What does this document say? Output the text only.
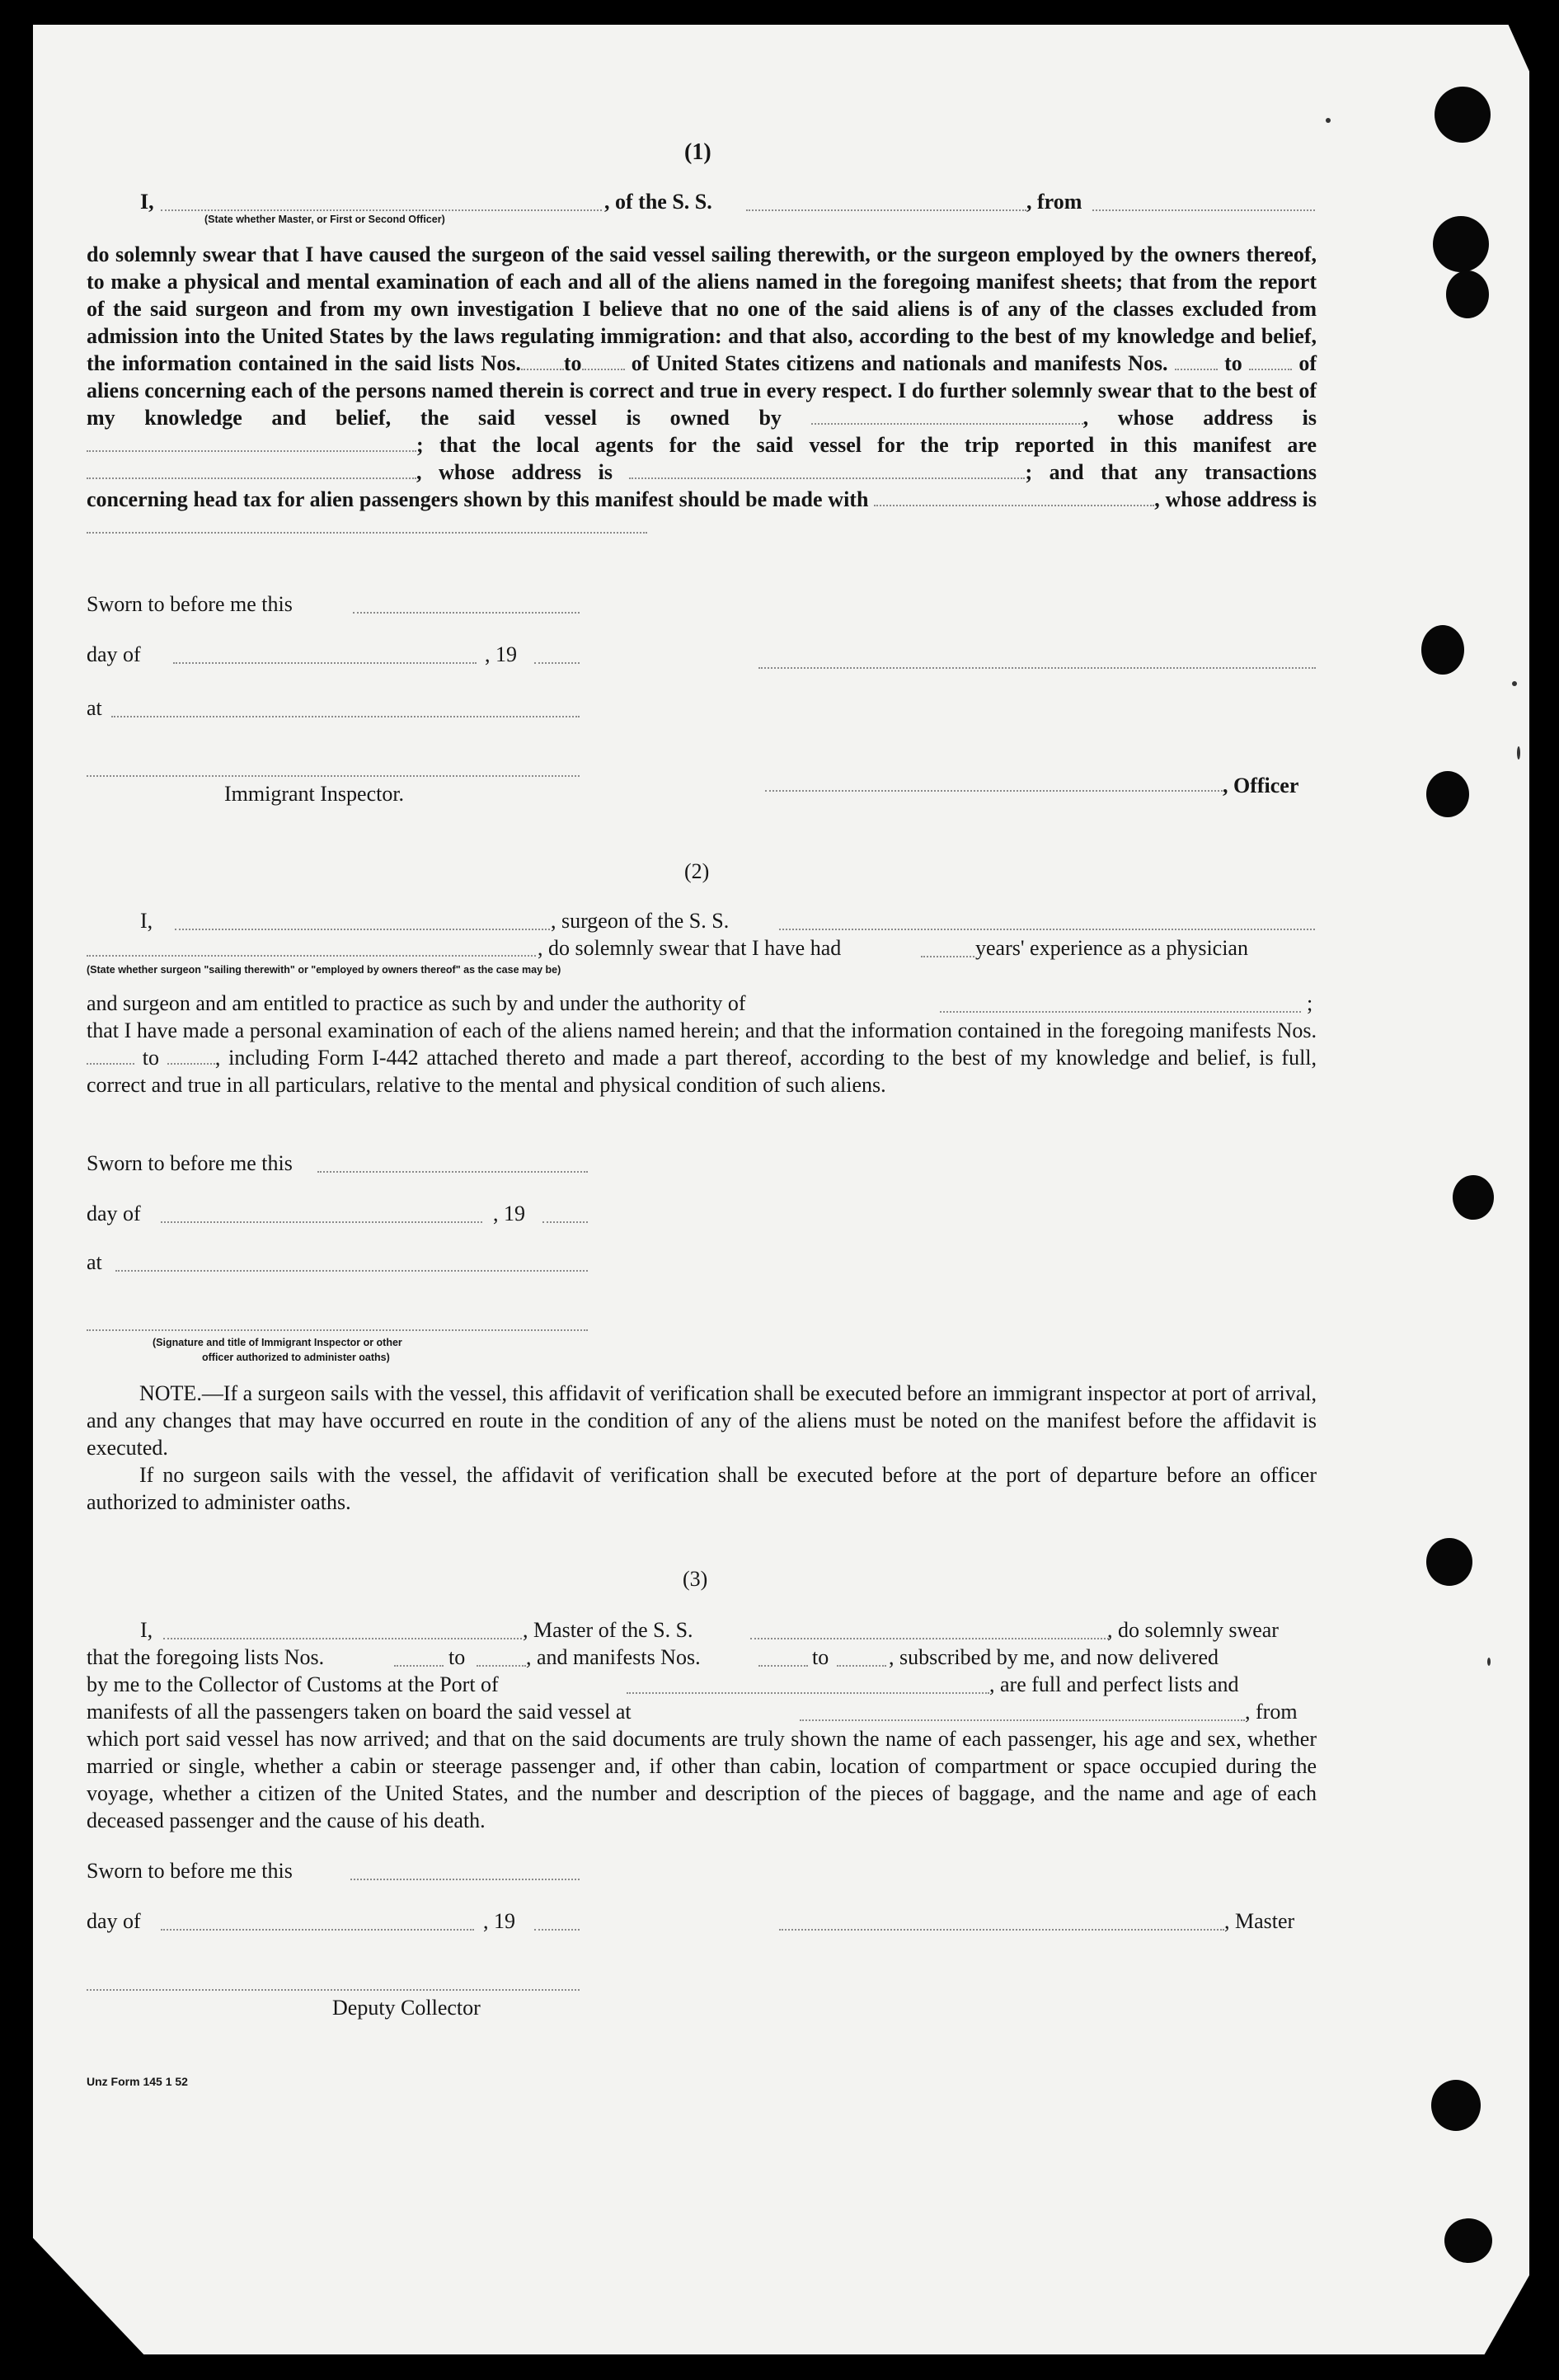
(1)
I,	, of the S. S.	, from
(State whether Master, or First or Second Officer)

do solemnly swear that I have caused the surgeon of the said vessel sailing therewith, or the surgeon employed by the owners thereof, to make a physical and mental examination of each and all of the aliens named in the foregoing manifest sheets; that from the report of the said surgeon and from my own investigation I believe that no one of the said aliens is of any of the classes excluded from admission into the United States by the laws regulating immigration: and that also, according to the best of my knowledge and belief, the information contained in the said lists Nos. to of United States citizens and nationals and manifests Nos.	to	of aliens concerning each of the persons named therein is correct and true in every respect. I do further solemnly swear that to the best of my knowledge and belief, the said vessel is owned by	, whose address is ; that the local agents for the said vessel for the trip reported in this manifest are , whose address is	; and that any transactions concerning head tax for alien passengers shown by this manifest should be made with	, whose address is

Sworn to before me this
day of	, 19
at
Immigrant Inspector.	, Officer
(2)
I,	, surgeon of the S. S.
, do solemnly swear that I have had	years' experience as a physician
(State whether surgeon "sailing therewith" or "employed by owners thereof" as the case may be)
and surgeon and am entitled to practice as such by and under the authority of	;

that I have made a personal examination of each of the aliens named herein; and that the information contained in the foregoing manifests Nos.  to	, including Form I-442 attached thereto and made a part thereof, according to the best of my knowledge and belief, is full, correct and true in all particulars, relative to the mental and physical condition of such aliens.

Sworn to before me this
day of	, 19
at
(Signature and title of Immigrant Inspector or other
officer authorized to administer oaths)

NOTE.—If a surgeon sails with the vessel, this affidavit of verification shall be executed before an immigrant inspector at port of arrival, and any changes that may have occurred en route in the condition of any of the aliens must be noted on the manifest before the affidavit is executed.

If no surgeon sails with the vessel, the affidavit of verification shall be executed before at the port of departure before an officer authorized to administer oaths.

(3)
I,	, Master of the S. S.	, do solemnly swear
that the foregoing lists Nos.	to	, and manifests Nos.	to	, subscribed by me, and now delivered
by me to the Collector of Customs at the Port of	, are full and perfect lists and
manifests of all the passengers taken on board the said vessel at	, from

which port said vessel has now arrived; and that on the said documents are truly shown the name of each passenger, his age and sex, whether married or single, whether a cabin or steerage passenger and, if other than cabin, location of compartment or space occupied during the voyage, whether a citizen of the United States, and the number and description of the pieces of baggage, and the name and age of each deceased passenger and the cause of his death.

Sworn to before me this
day of	, 19	, Master
Deputy Collector
Unz Form 145 1 52
